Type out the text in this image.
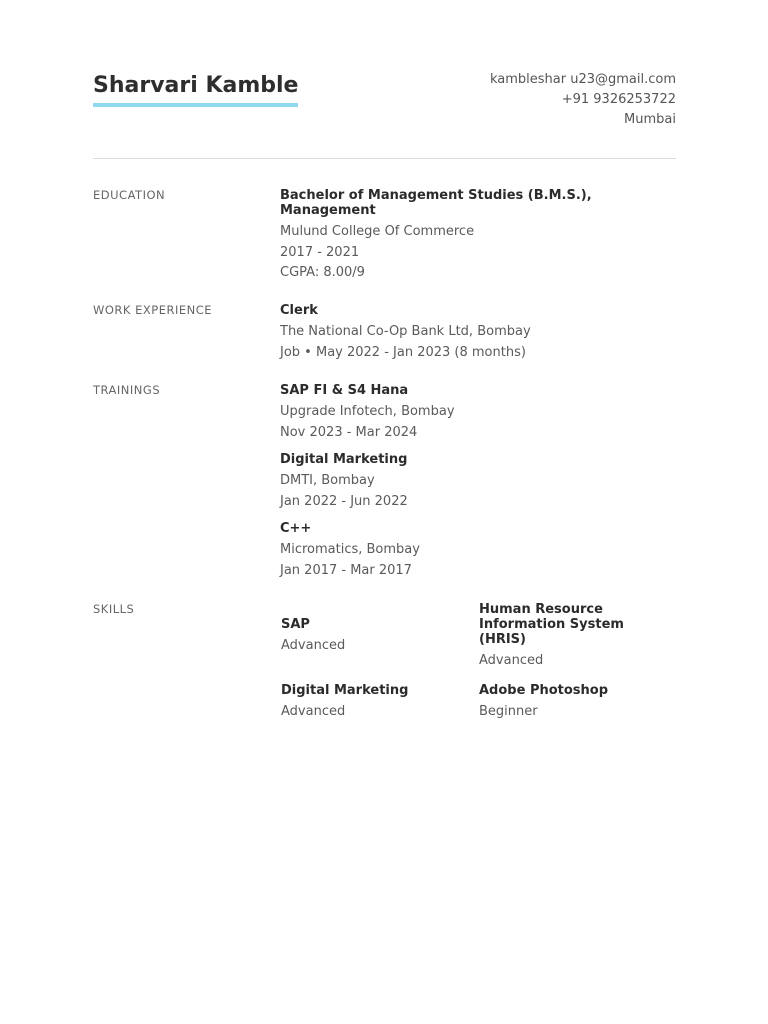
Sharvari Kamble	kambleshar u23@gmail.com
+91 9326253722
Mumbai
EDUCATION	Bachelor of Management Studies (B.M.S.), Management
Mulund College Of Commerce
2017 - 2021
CGPA: 8.00/9
WORK EXPERIENCE	Clerk
The National Co-Op Bank Ltd, Bombay
Job • May 2022 - Jan 2023 (8 months)
TRAININGS	SAP FI & S4 Hana
Upgrade Infotech, Bombay
Nov 2023 - Mar 2024
Digital Marketing
DMTI, Bombay
Jan 2022 - Jun 2022
C++
Micromatics, Bombay
Jan 2017 - Mar 2017
SKILLS
SAP
Advanced
Human Resource Information System (HRIS)
Advanced
Digital Marketing
Advanced
Adobe Photoshop
Beginner
